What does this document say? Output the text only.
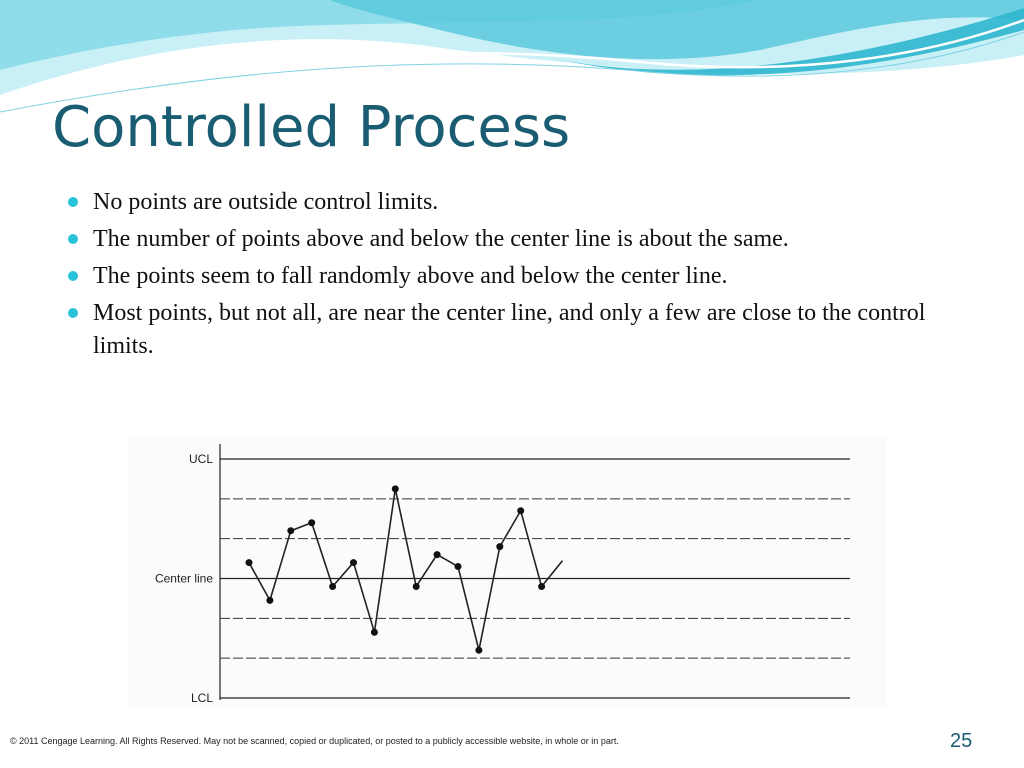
Controlled Process
No points are outside control limits.
The number of points above and below the center line is about the same.
The points seem to fall randomly above and below the center line.
Most points, but not all, are near the center line, and only a few are close to the control limits.
UCL
Center line
LCL
© 2011 Cengage Learning. All Rights Reserved. May not be scanned, copied or duplicated, or posted to a publicly accessible website, in whole or in part.	25
